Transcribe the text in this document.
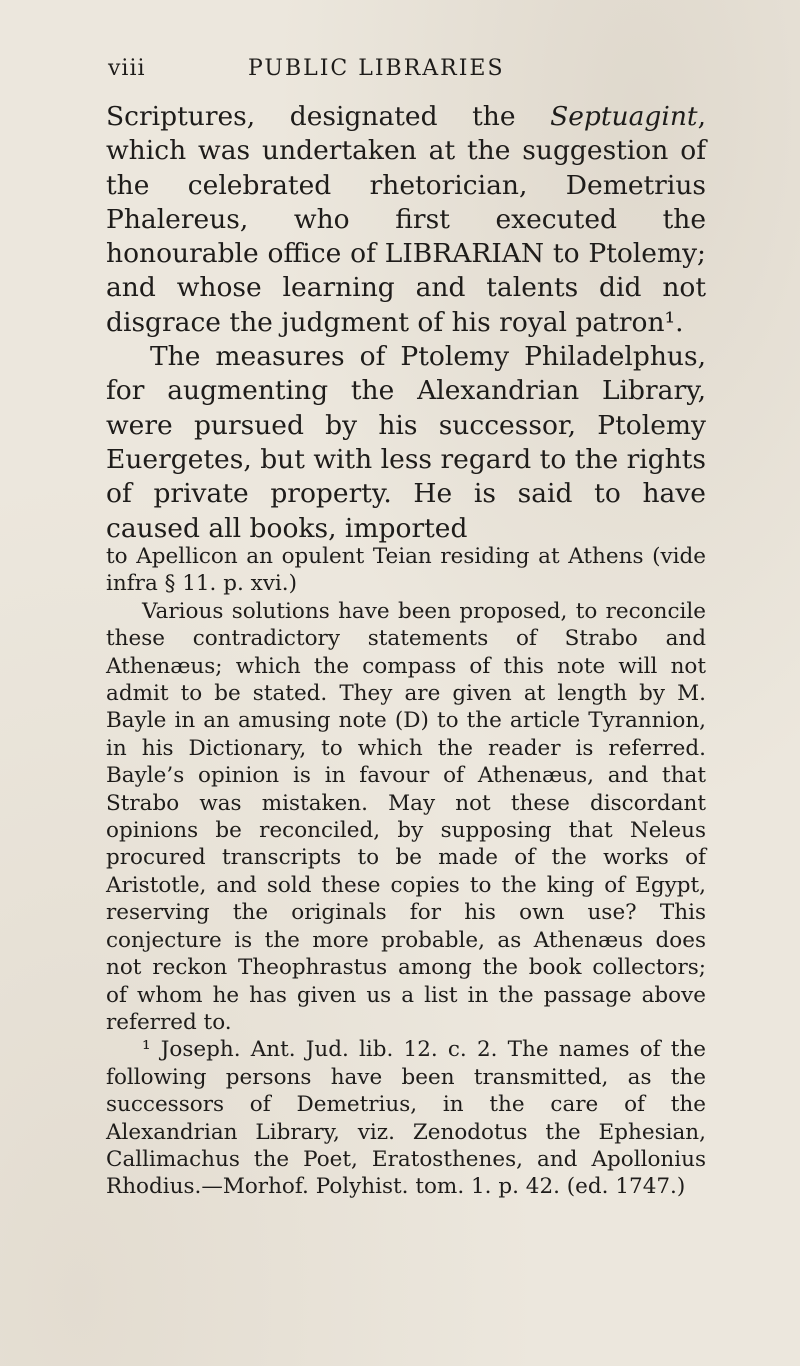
viii	PUBLIC LIBRARIES

Scriptures, designated the Septuagint, which was undertaken at the suggestion of the celebrated rhetorician, Demetrius Phalereus, who first executed the honourable office of LIBRARIAN to Ptolemy; and whose learning and talents did not disgrace the judgment of his royal patron¹.

The measures of Ptolemy Philadelphus, for augmenting the Alexandrian Library, were pursued by his successor, Ptolemy Euergetes, but with less regard to the rights of private property. He is said to have caused all books, imported

to Apellicon an opulent Teian residing at Athens (vide infra § 11. p. xvi.)

Various solutions have been proposed, to reconcile these contradictory statements of Strabo and Athenæus; which the compass of this note will not admit to be stated. They are given at length by M. Bayle in an amusing note (D) to the article Tyrannion, in his Dictionary, to which the reader is referred. Bayle’s opinion is in favour of Athenæus, and that Strabo was mistaken. May not these discordant opinions be reconciled, by supposing that Neleus procured transcripts to be made of the works of Aristotle, and sold these copies to the king of Egypt, reserving the originals for his own use? This conjecture is the more probable, as Athenæus does not reckon Theophrastus among the book collectors; of whom he has given us a list in the passage above referred to.

¹ Joseph. Ant. Jud. lib. 12. c. 2. The names of the following persons have been transmitted, as the successors of Demetrius, in the care of the Alexandrian Library, viz. Zenodotus the Ephesian, Callimachus the Poet, Eratosthenes, and Apollonius Rhodius.—Morhof. Polyhist. tom. 1. p. 42. (ed. 1747.)
